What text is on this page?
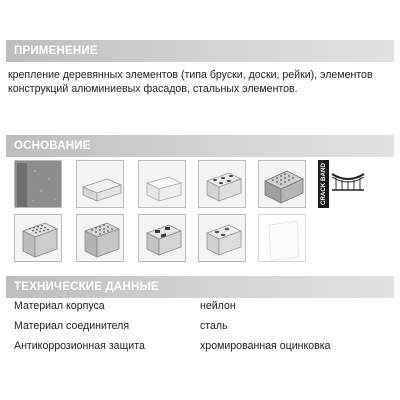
ПРИМЕНЕНИЕ
крепление деревянных элементов (типа бруски, доски, рейки), элементов
конструкций алюминиевых фасадов, стальных элементов.
ОСНОВАНИЕ
CRACK BAND
ТЕХНИЧЕСКИЕ ДАННЫЕ
Материал корпуса	нейлон
Материал соединителя	сталь
Антикоррозионная защита	хромированная оцинковка
